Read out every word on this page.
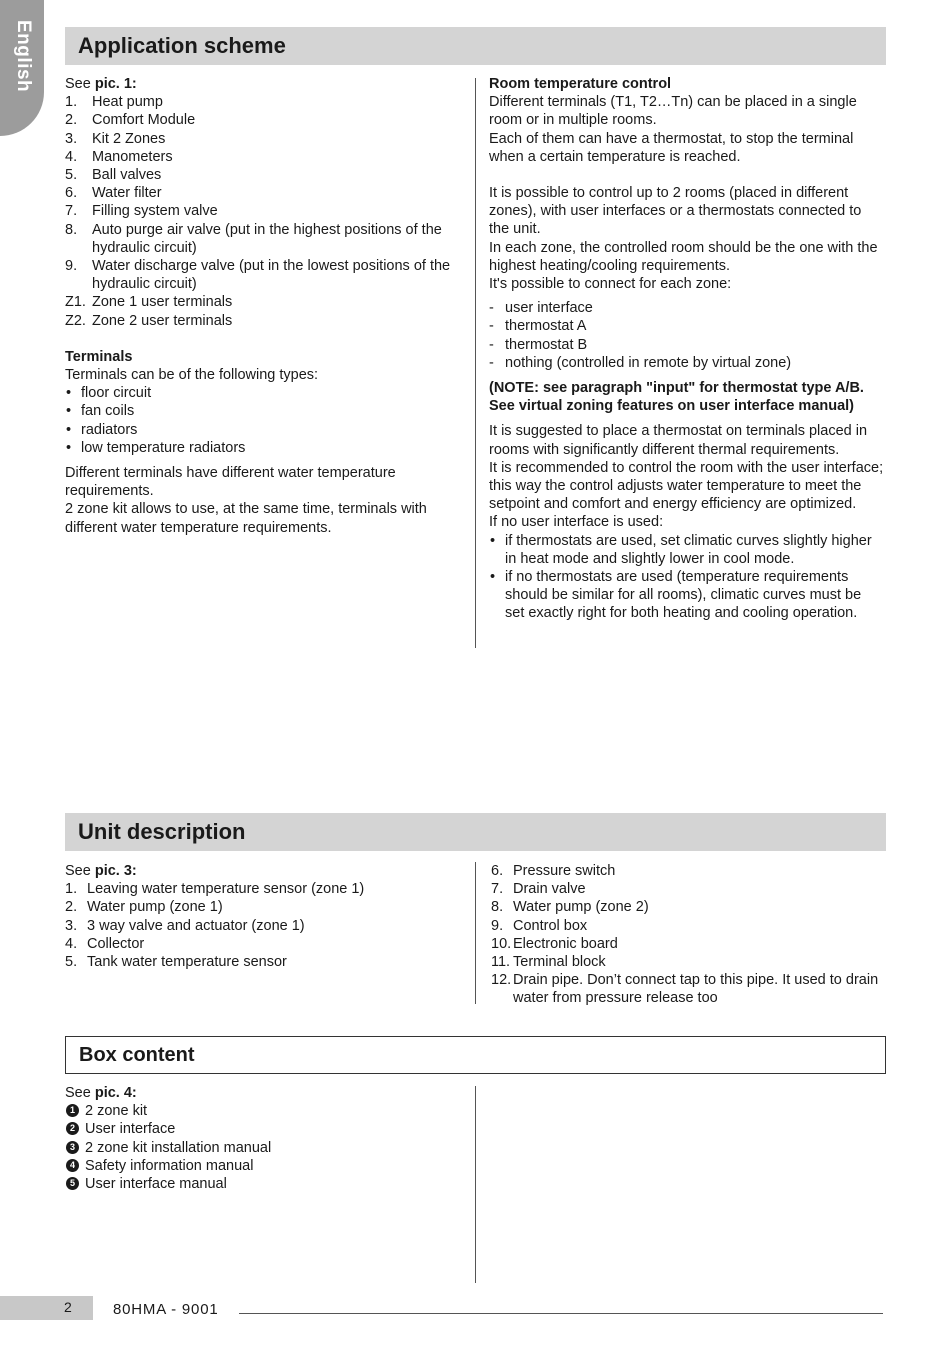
English	Application scheme

See pic. 1:

1. Heat pump
2. Comfort Module
3. Kit 2 Zones
4. Manometers
5. Ball valves
6. Water filter
7. Filling system valve
8. Auto purge air valve (put in the highest positions of the hydraulic circuit)
9. Water discharge valve (put in the lowest positions of the hydraulic circuit)
Z1. Zone 1 user terminals
Z2. Zone 2 user terminals

Terminals

Terminals can be of the following types:

• floor circuit
• fan coils
• radiators
• low temperature radiators

Different terminals have different water temperature requirements.

2 zone kit allows to use, at the same time, terminals with different water temperature requirements.

Room temperature control

Different terminals (T1, T2…Tn) can be placed in a single room or in multiple rooms.

Each of them can have a thermostat, to stop the terminal when a certain temperature is reached.

It is possible to control up to 2 rooms (placed in different zones), with user interfaces or a thermostats connected to the unit.

In each zone, the controlled room should be the one with the highest heating/cooling requirements.

It's possible to connect for each zone:

- user interface
- thermostat A
- thermostat B
- nothing (controlled in remote by virtual zone)

(NOTE: see paragraph "input" for thermostat type A/B. See virtual zoning features on user interface manual)

It is suggested to place a thermostat on terminals placed in rooms with significantly different thermal requirements.

It is recommended to control the room with the user interface; this way the control adjusts water temperature to meet the setpoint and comfort and energy efficiency are optimized.

If no user interface is used:

• if thermostats are used, set climatic curves slightly higher in heat mode and slightly lower in cool mode.
• if no thermostats are used (temperature requirements should be similar for all rooms), climatic curves must be set exactly right for both heating and cooling operation.
Unit description

See pic. 3:

1. Leaving water temperature sensor (zone 1)
2. Water pump (zone 1)
3. 3 way valve and actuator (zone 1)
4. Collector
5. Tank water temperature sensor
6. Pressure switch
7. Drain valve
8. Water pump (zone 2)
9. Control box
10. Electronic board
11. Terminal block
12. Drain pipe. Don’t connect tap to this pipe. It used to drain water from pressure release too
Box content

See pic. 4:

1 2 zone kit
2 User interface
3 2 zone kit installation manual
4 Safety information manual
5 User interface manual
2	80HMA - 9001
